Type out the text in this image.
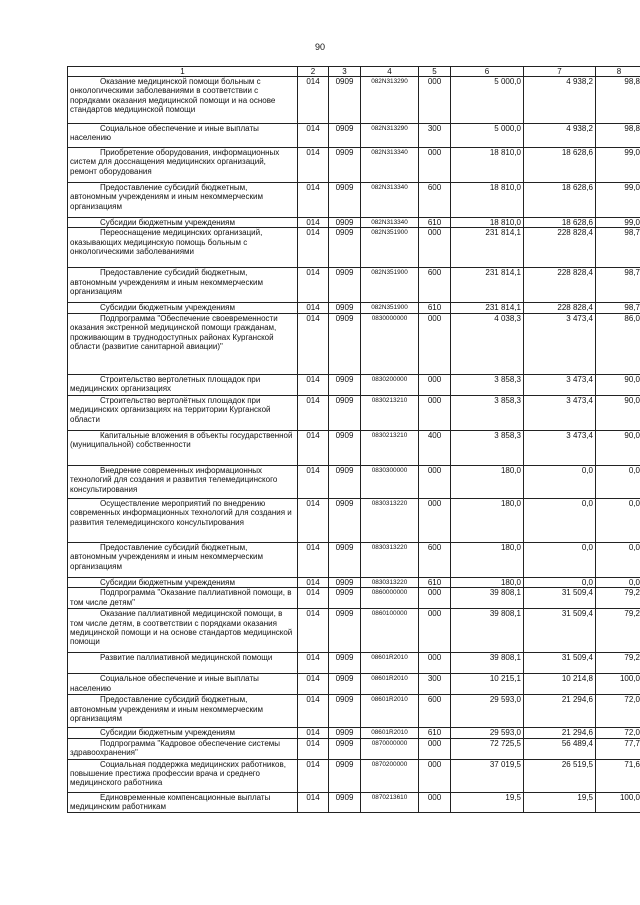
90
1	2	3	4	5	6	7	8
Оказание медицинской помощи больным с онкологическими заболеваниями в соответствии с порядками оказания медицинской помощи и на основе стандартов медицинской помощи	014	0909	082N313290	000	5 000,0	4 938,2	98,8
Социальное обеспечение и иные выплаты населению	014	0909	082N313290	300	5 000,0	4 938,2	98,8
Приобретение оборудования, информационных систем для досснащения медицинских организаций, ремонт оборудования	014	0909	082N313340	000	18 810,0	18 628,6	99,0
Предоставление субсидий бюджетным, автономным учреждениям и иным некоммерческим организациям	014	0909	082N313340	600	18 810,0	18 628,6	99,0
Субсидии бюджетным учреждениям	014	0909	082N313340	610	18 810,0	18 628,6	99,0
Переоснащение медицинских организаций, оказывающих медицинскую помощь больным с онкологическими заболеваниями	014	0909	082N351900	000	231 814,1	228 828,4	98,7
Предоставление субсидий бюджетным, автономным учреждениям и иным некоммерческим организациям	014	0909	082N351900	600	231 814,1	228 828,4	98,7
Субсидии бюджетным учреждениям	014	0909	082N351900	610	231 814,1	228 828,4	98,7
Подпрограмма "Обеспечение своевременности оказания экстренной медицинской помощи гражданам, проживающим в труднодоступных районах Курганской области (развитие санитарной авиации)"	014	0909	0830000000	000	4 038,3	3 473,4	86,0
Строительство вертолетных площадок при медицинских организациях	014	0909	0830200000	000	3 858,3	3 473,4	90,0
Строительство вертолётных площадок при медицинских организациях на территории Курганской области	014	0909	0830213210	000	3 858,3	3 473,4	90,0
Капитальные вложения в объекты государственной (муниципальной) собственности	014	0909	0830213210	400	3 858,3	3 473,4	90,0
Внедрение современных информационных технологий для создания и развития телемедицинского консультирования	014	0909	0830300000	000	180,0	0,0	0,0
Осуществление мероприятий по внедрению современных информационных технологий для создания и развития телемедицинского консультирования	014	0909	0830313220	000	180,0	0,0	0,0
Предоставление субсидий бюджетным, автономным учреждениям и иным некоммерческим организациям	014	0909	0830313220	600	180,0	0,0	0,0
Субсидии бюджетным учреждениям	014	0909	0830313220	610	180,0	0,0	0,0
Подпрограмма "Оказание паллиативной помощи, в том числе детям"	014	0909	0860000000	000	39 808,1	31 509,4	79,2
Оказание паллиативной медицинской помощи, в том числе детям, в соответствии с порядками оказания медицинской помощи и на основе стандартов медицинской помощи	014	0909	0860100000	000	39 808,1	31 509,4	79,2
Развитие паллиативной медицинской помощи	014	0909	08601R2010	000	39 808,1	31 509,4	79,2
Социальное обеспечение и иные выплаты населению	014	0909	08601R2010	300	10 215,1	10 214,8	100,0
Предоставление субсидий бюджетным, автономным учреждениям и иным некоммерческим организациям	014	0909	08601R2010	600	29 593,0	21 294,6	72,0
Субсидии бюджетным учреждениям	014	0909	08601R2010	610	29 593,0	21 294,6	72,0
Подпрограмма "Кадровое обеспечение системы здравоохранения"	014	0909	0870000000	000	72 725,5	56 489,4	77,7
Социальная поддержка медицинских работников, повышение престижа профессии врача и среднего медицинского работника	014	0909	0870200000	000	37 019,5	26 519,5	71,6
Единовременные компенсационные выплаты медицинским работникам	014	0909	0870213610	000	19,5	19,5	100,0
